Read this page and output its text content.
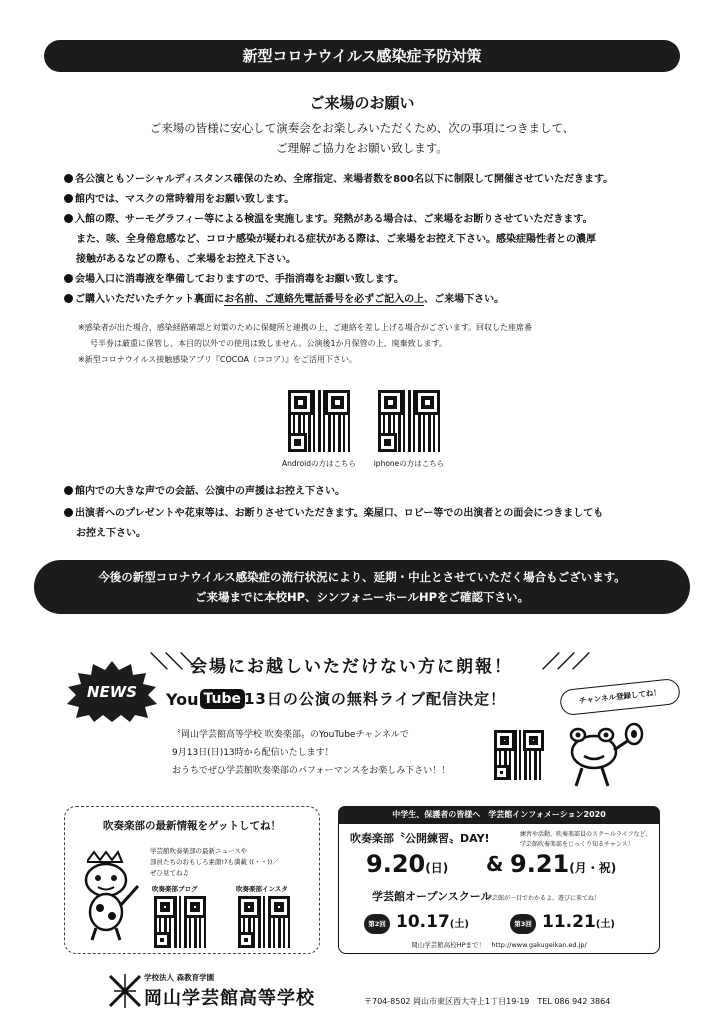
新型コロナウイルス感染症予防対策
ご来場のお願い
ご来場の皆様に安心して演奏会をお楽しみいただくため、次の事項につきまして、
ご理解ご協力をお願い致します。
各公演ともソーシャルディスタンス確保のため、全席指定、来場者数を800名以下に制限して開催させていただきます。
館内では、マスクの常時着用をお願い致します。
入館の際、サーモグラフィー等による検温を実施します。発熱がある場合は、ご来場をお断りさせていただきます。
また、咳、全身倦怠感など、コロナ感染が疑われる症状がある際は、ご来場をお控え下さい。感染症陽性者との濃厚
接触があるなどの際も、ご来場をお控え下さい。
会場入口に消毒液を準備しておりますので、手指消毒をお願い致します。
ご購入いただいたチケット裏面にお名前、ご連絡先電話番号を必ずご記入の上、ご来場下さい。
※感染者が出た場合、感染経路確認と対策のために保健所と連携の上、ご連絡を差し上げる場合がございます。回収した座席番
号半券は厳重に保管し、本目的以外での使用は致しません。公演後1か月保管の上、廃棄致します。
※新型コロナウイルス接触感染アプリ『COCOA（ココア）』をご活用下さい。
Androidの方はこちら	iphoneの方はこちら
館内での大きな声での会話、公演中の声援はお控え下さい。
出演者へのプレゼントや花束等は、お断りさせていただきます。楽屋口、ロビー等での出演者との面会につきましても
お控え下さい。
今後の新型コロナウイルス感染症の流行状況により、延期・中止とさせていただく場合もございます。
ご来場までに本校HP、シンフォニーホールHPをご確認下さい。
＼＼＼	／／／
会場にお越しいただけない方に朗報！
NEWS You Tube 13日の公演の無料ライブ配信決定！
〝岡山学芸館高等学校 吹奏楽部〟のYouTubeチャンネルで
9月13日(日)13時から配信いたします！
おうちでぜひ学芸館吹奏楽部のパフォーマンスをお楽しみ下さい！！
チャンネル登録してね！
吹奏楽部の最新情報をゲットしてね！
学芸館吹奏楽部の最新ニュースや
部員たちのおもしろ素顔!?も満載 ((・・))／
ぜひ見てね♫
吹奏楽部ブログ	吹奏楽部インスタ
中学生、保護者の皆様へ　学芸館インフォメーション2020
吹奏楽部〝公開練習〟DAY!	練習や活動、吹奏楽部員のスクールライフなど、
学芸館吹奏楽部をじっくり知るチャンス！
9.20(日) & 9.21(月・祝)
学芸館オープンスクール
学芸館が一目でわかるよ。遊びに来てね！
第2回 10.17(土)	第3回 11.21(土)
岡山学芸館高校HPまで！　http://www.gakugeikan.ed.jp/
学校法人 森教育学園
岡山学芸館高等学校	〒704-8502 岡山市東区西大寺上1丁目19-19　TEL 086 942 3864
